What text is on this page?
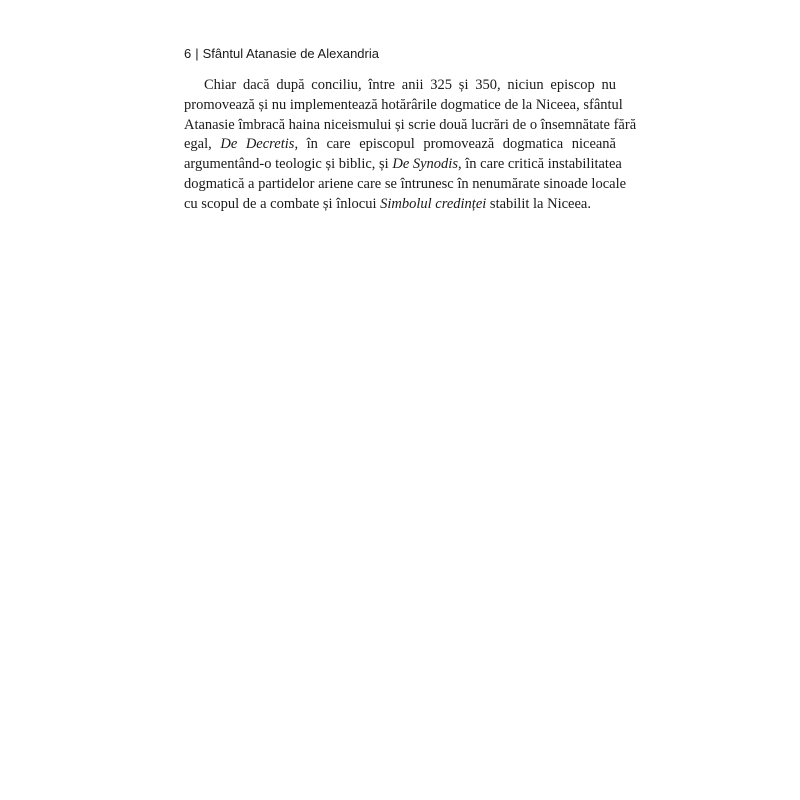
6 | Sfântul Atanasie de Alexandria

Chiar dacă după conciliu, între anii 325 și 350, niciun episcop nu
promovează și nu implementează hotărârile dogmatice de la Niceea, sfântul
Atanasie îmbracă haina niceismului și scrie două lucrări de o însemnătate fără
egal, De Decretis, în care episcopul promovează dogmatica niceană
argumentând-o teologic și biblic, și De Synodis, în care critică instabilitatea
dogmatică a partidelor ariene care se întrunesc în nenumărate sinoade locale
cu scopul de a combate și înlocui Simbolul credinței stabilit la Niceea.
